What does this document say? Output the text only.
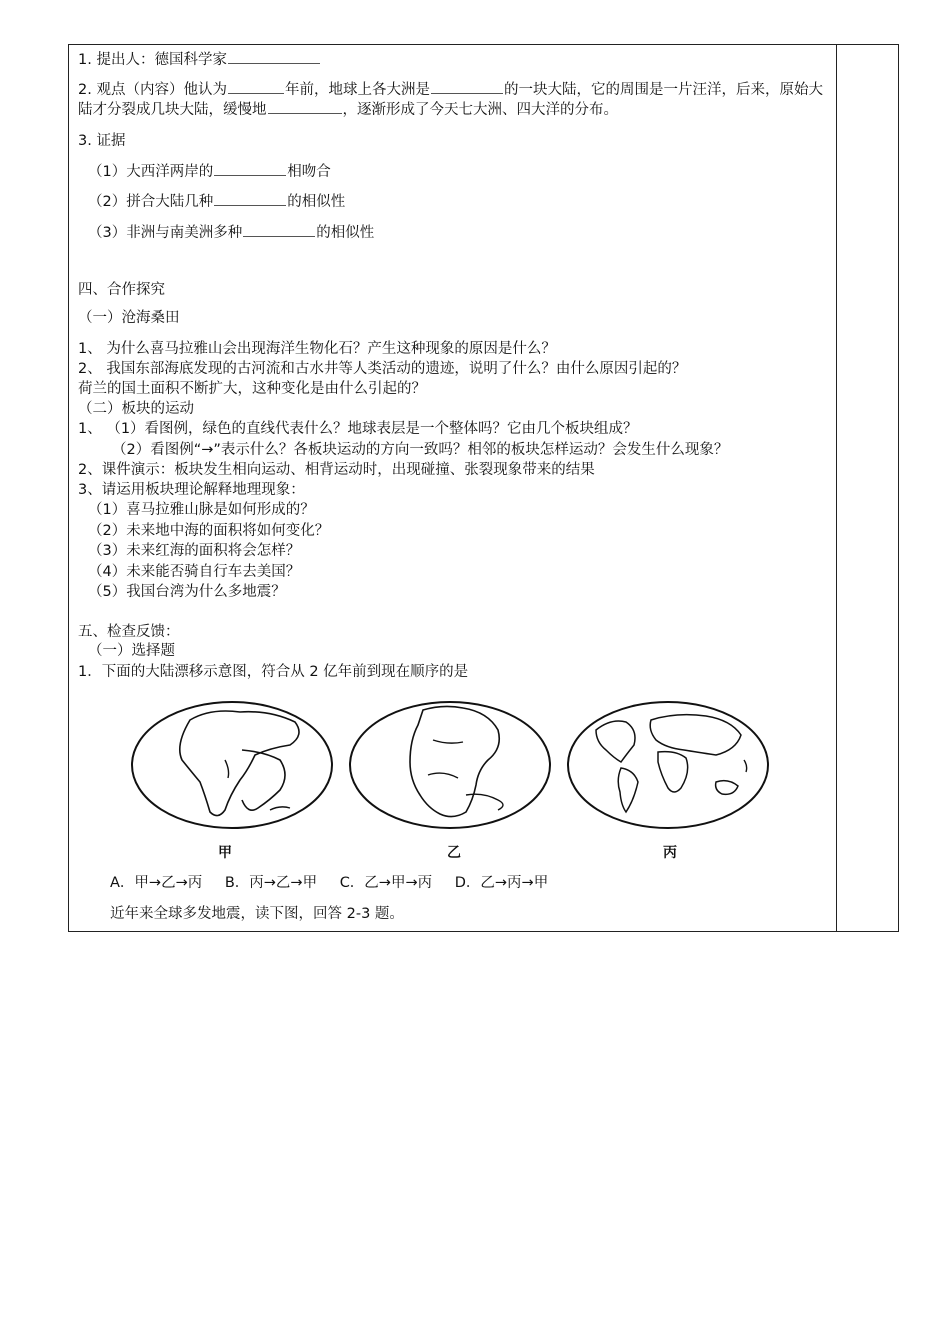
1. 提出人：德国科学家
2. 观点（内容）他认为	年前，地球上各大洲是	的一块大陆，它的周围是一片汪洋，后来，原始大陆才分裂成几块大陆，缓慢地	，逐渐形成了今天七大洲、四大洋的分布。
3. 证据
（1）大西洋两岸的	相吻合
（2）拼合大陆几种	的相似性
（3）非洲与南美洲多种	的相似性
四、合作探究
（一）沧海桑田
1、 为什么喜马拉雅山会出现海洋生物化石？产生这种现象的原因是什么？
2、 我国东部海底发现的古河流和古水井等人类活动的遗迹，说明了什么？由什么原因引起的？
荷兰的国土面积不断扩大，这种变化是由什么引起的？
（二）板块的运动
1、 （1）看图例，绿色的直线代表什么？地球表层是一个整体吗？它由几个板块组成？
（2）看图例“→”表示什么？各板块运动的方向一致吗？相邻的板块怎样运动？会发生什么现象？
2、课件演示：板块发生相向运动、相背运动时，出现碰撞、张裂现象带来的结果
3、请运用板块理论解释地理现象：
（1）喜马拉雅山脉是如何形成的？
（2）未来地中海的面积将如何变化？
（3）未来红海的面积将会怎样？
（4）未来能否骑自行车去美国？
（5）我国台湾为什么多地震？
五、检查反馈：
（一）选择题
1．下面的大陆漂移示意图，符合从 2 亿年前到现在顺序的是
甲	乙	丙
A．甲→乙→丙 B．丙→乙→甲 C．乙→甲→丙 D．乙→丙→甲
近年来全球多发地震，读下图，回答 2-3 题。
